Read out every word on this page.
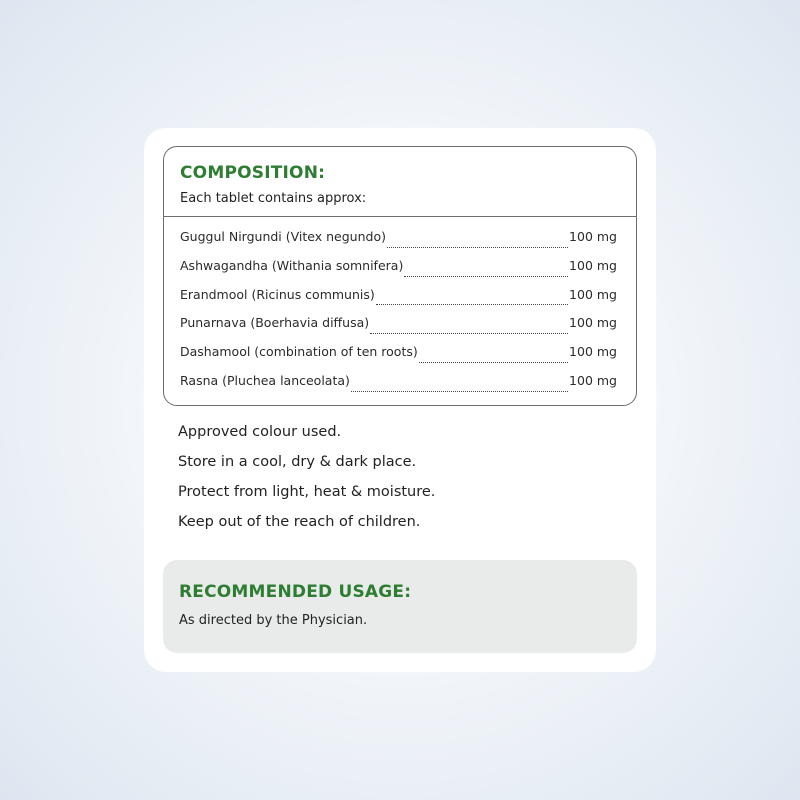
COMPOSITION:
Each tablet contains approx:
Guggul Nirgundi (Vitex negundo)	100 mg
Ashwagandha (Withania somnifera)	100 mg
Erandmool (Ricinus communis)	100 mg
Punarnava (Boerhavia diffusa)	100 mg
Dashamool (combination of ten roots)	100 mg
Rasna (Pluchea lanceolata)	100 mg
Approved colour used.
Store in a cool, dry & dark place.
Protect from light, heat & moisture.
Keep out of the reach of children.
RECOMMENDED USAGE:
As directed by the Physician.
